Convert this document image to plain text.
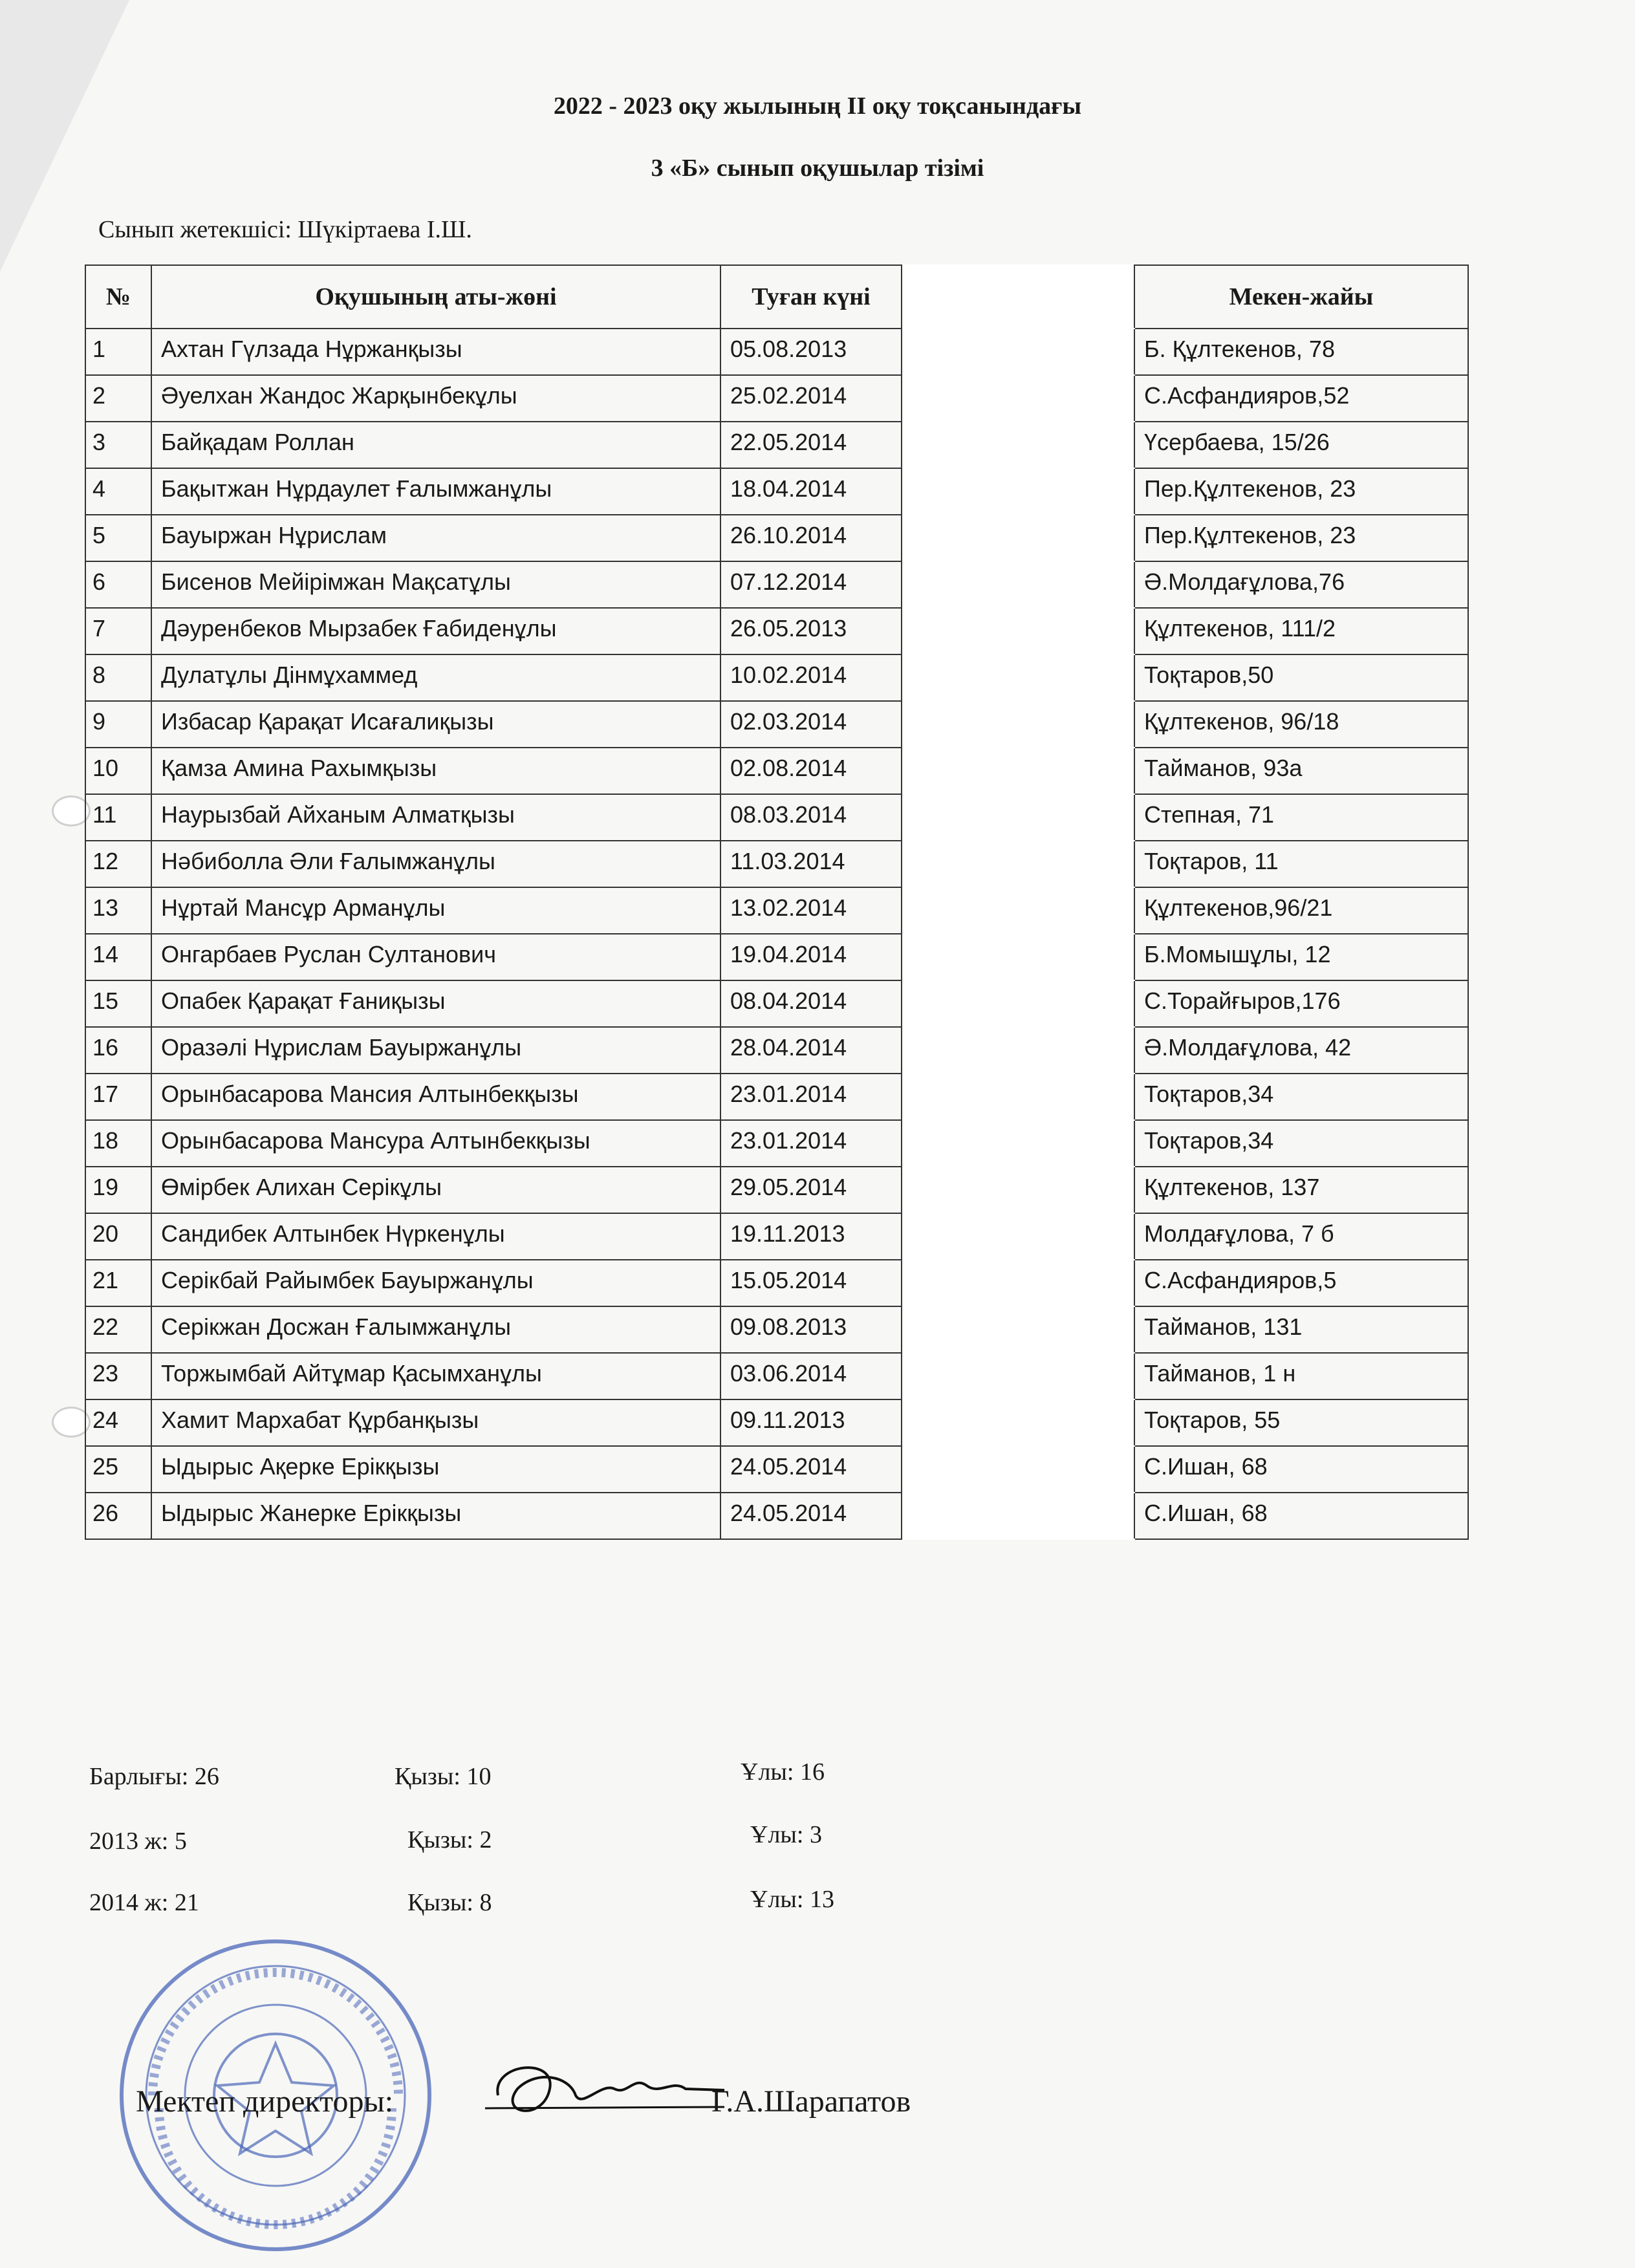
2022 - 2023 оқу жылының ІІ оқу тоқсанындағы
3 «Б» сынып оқушылар тізімі
Сынып жетекшісі: Шүкіртаева І.Ш.
№	Оқушының аты-жөні	Туған күні		Мекен-жайы
1	Ахтан Гүлзада Нұржанқызы	05.08.2013		Б. Құлтекенов, 78
2	Әуелхан Жандос Жарқынбекұлы	25.02.2014		С.Асфандияров,52
3	Байқадам Роллан	22.05.2014		Үсербаева, 15/26
4	Бақытжан Нұрдаулет Ғалымжанұлы	18.04.2014		Пер.Құлтекенов, 23
5	Бауыржан Нұрислам	26.10.2014		Пер.Құлтекенов, 23
6	Бисенов Мейірімжан Мақсатұлы	07.12.2014		Ә.Молдағұлова,76
7	Дәуренбеков Мырзабек Ғабиденұлы	26.05.2013		Құлтекенов, 111/2
8	Дулатұлы Дінмұхаммед	10.02.2014		Тоқтаров,50
9	Избасар Қарақат Исағалиқызы	02.03.2014		Құлтекенов, 96/18
10	Қамза Амина Рахымқызы	02.08.2014		Тайманов, 93а
11	Наурызбай Айханым Алматқызы	08.03.2014		Степная, 71
12	Нәбиболла Әли Ғалымжанұлы	11.03.2014		Тоқтаров, 11
13	Нұртай Мансұр Арманұлы	13.02.2014		Құлтекенов,96/21
14	Онгарбаев Руслан Султанович	19.04.2014		Б.Момышұлы, 12
15	Опабек Қарақат Ғаниқызы	08.04.2014		С.Торайғыров,176
16	Оразәлі Нұрислам Бауыржанұлы	28.04.2014		Ә.Молдағұлова, 42
17	Орынбасарова Мансия Алтынбекқызы	23.01.2014		Тоқтаров,34
18	Орынбасарова Мансура Алтынбекқызы	23.01.2014		Тоқтаров,34
19	Өмірбек Алихан Серікұлы	29.05.2014		Құлтекенов, 137
20	Сандибек Алтынбек Нүркенұлы	19.11.2013		Молдағұлова, 7 б
21	Серікбай Райымбек Бауыржанұлы	15.05.2014		С.Асфандияров,5
22	Серікжан Досжан Ғалымжанұлы	09.08.2013		Тайманов, 131
23	Торжымбай Айтұмар Қасымханұлы	03.06.2014		Тайманов, 1 н
24	Хамит Мархабат Құрбанқызы	09.11.2013		Тоқтаров, 55
25	Ыдырыс Ақерке Ерікқызы	24.05.2014		С.Ишан, 68
26	Ыдырыс Жанерке Ерікқызы	24.05.2014		С.Ишан, 68
Барлығы: 26	Қызы: 10	Ұлы: 16
2013 ж: 5	Қызы: 2	Ұлы: 3
2014 ж: 21	Қызы: 8	Ұлы: 13
Мектеп директоры:	Г.А.Шарапатов
